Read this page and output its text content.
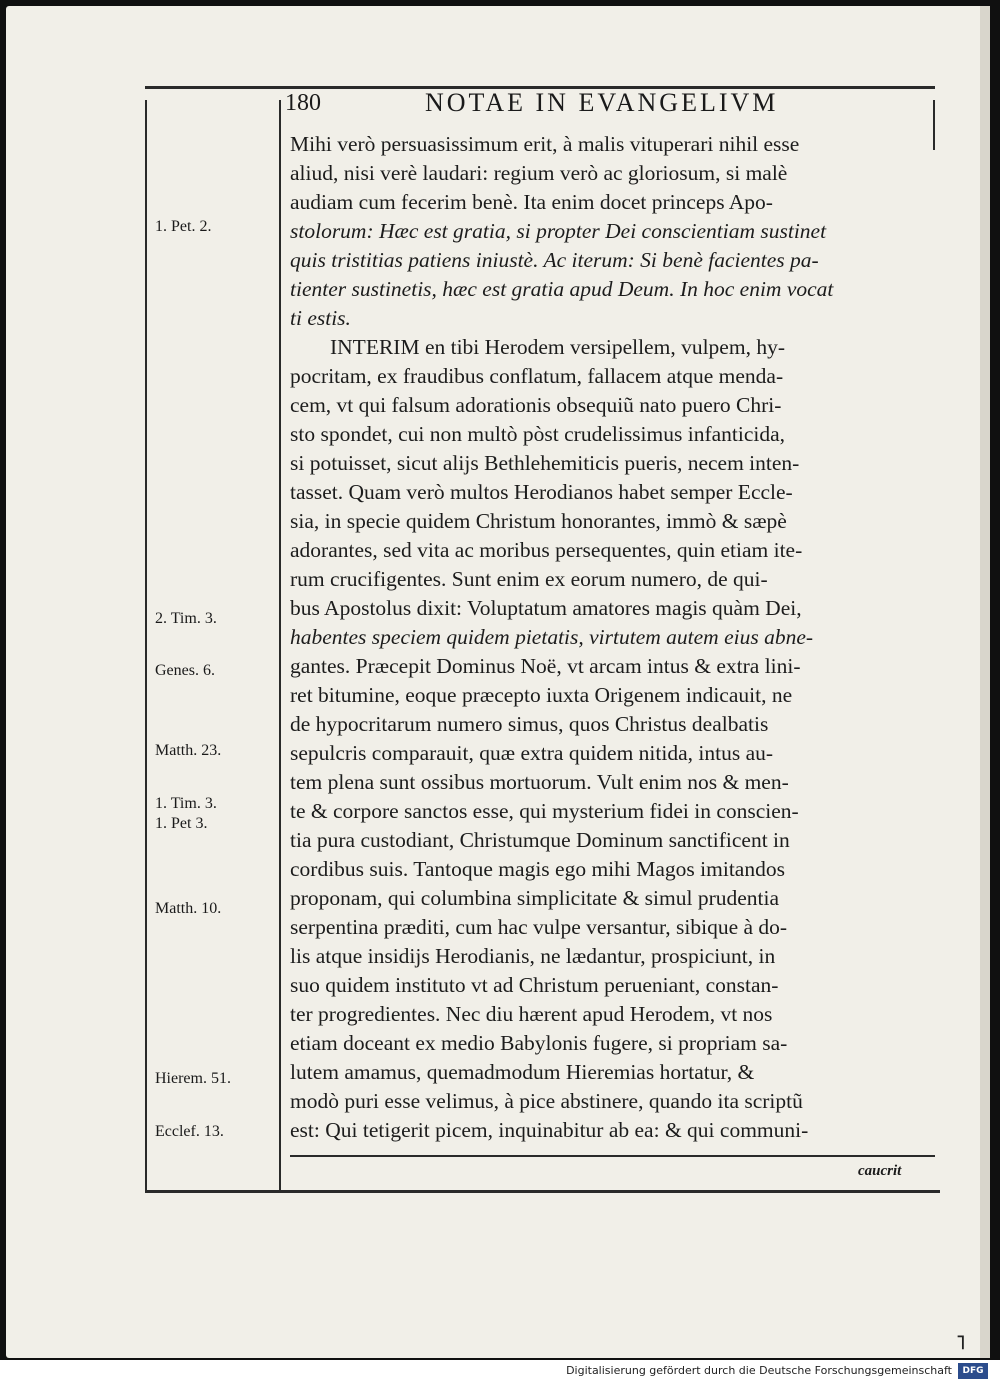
180	NOTAE IN EVANGELIVM
1. Pet. 2.
2. Tim. 3.
Genes. 6.
Matth. 23.
1. Tim. 3.
1. Pet 3.
Matth. 10.
Hierem. 51.
Ecclef. 13.
Mihi verò persuasissimum erit, à malis vituperari nihil esse
aliud, nisi verè laudari: regium verò ac gloriosum, si malè
audiam cum fecerim benè. Ita enim docet princeps Apo-
stolorum: Hæc est gratia, si propter Dei conscientiam sustinet
quis tristitias patiens iniustè. Ac iterum: Si benè facientes pa-
tienter sustinetis, hæc est gratia apud Deum. In hoc enim vocat
ti estis.
INTERIM en tibi Herodem versipellem, vulpem, hy-
pocritam, ex fraudibus conflatum, fallacem atque menda-
cem, vt qui falsum adorationis obsequiũ nato puero Chri-
sto spondet, cui non multò pòst crudelissimus infanticida,
si potuisset, sicut alijs Bethlehemiticis pueris, necem inten-
tasset. Quam verò multos Herodianos habet semper Eccle-
sia, in specie quidem Christum honorantes, immò & sæpè
adorantes, sed vita ac moribus persequentes, quin etiam ite-
rum crucifigentes. Sunt enim ex eorum numero, de qui-
bus Apostolus dixit: Voluptatum amatores magis quàm Dei,
habentes speciem quidem pietatis, virtutem autem eius abne-
gantes. Præcepit Dominus Noë, vt arcam intus & extra lini-
ret bitumine, eoque præcepto iuxta Origenem indicauit, ne
de hypocritarum numero simus, quos Christus dealbatis
sepulcris comparauit, quæ extra quidem nitida, intus au-
tem plena sunt ossibus mortuorum. Vult enim nos & men-
te & corpore sanctos esse, qui mysterium fidei in conscien-
tia pura custodiant, Christumque Dominum sanctificent in
cordibus suis. Tantoque magis ego mihi Magos imitandos
proponam, qui columbina simplicitate & simul prudentia
serpentina præditi, cum hac vulpe versantur, sibique à do-
lis atque insidijs Herodianis, ne lædantur, prospiciunt, in
suo quidem instituto vt ad Christum perueniant, constan-
ter progredientes. Nec diu hærent apud Herodem, vt nos
etiam doceant ex medio Babylonis fugere, si propriam sa-
lutem amamus, quemadmodum Hieremias hortatur, &
modò puri esse velimus, à pice abstinere, quando ita scriptũ
est: Qui tetigerit picem, inquinabitur ab ea: & qui communi-
caucrit
⌐
Digitalisierung gefördert durch die Deutsche Forschungsgemeinschaft	DFG
